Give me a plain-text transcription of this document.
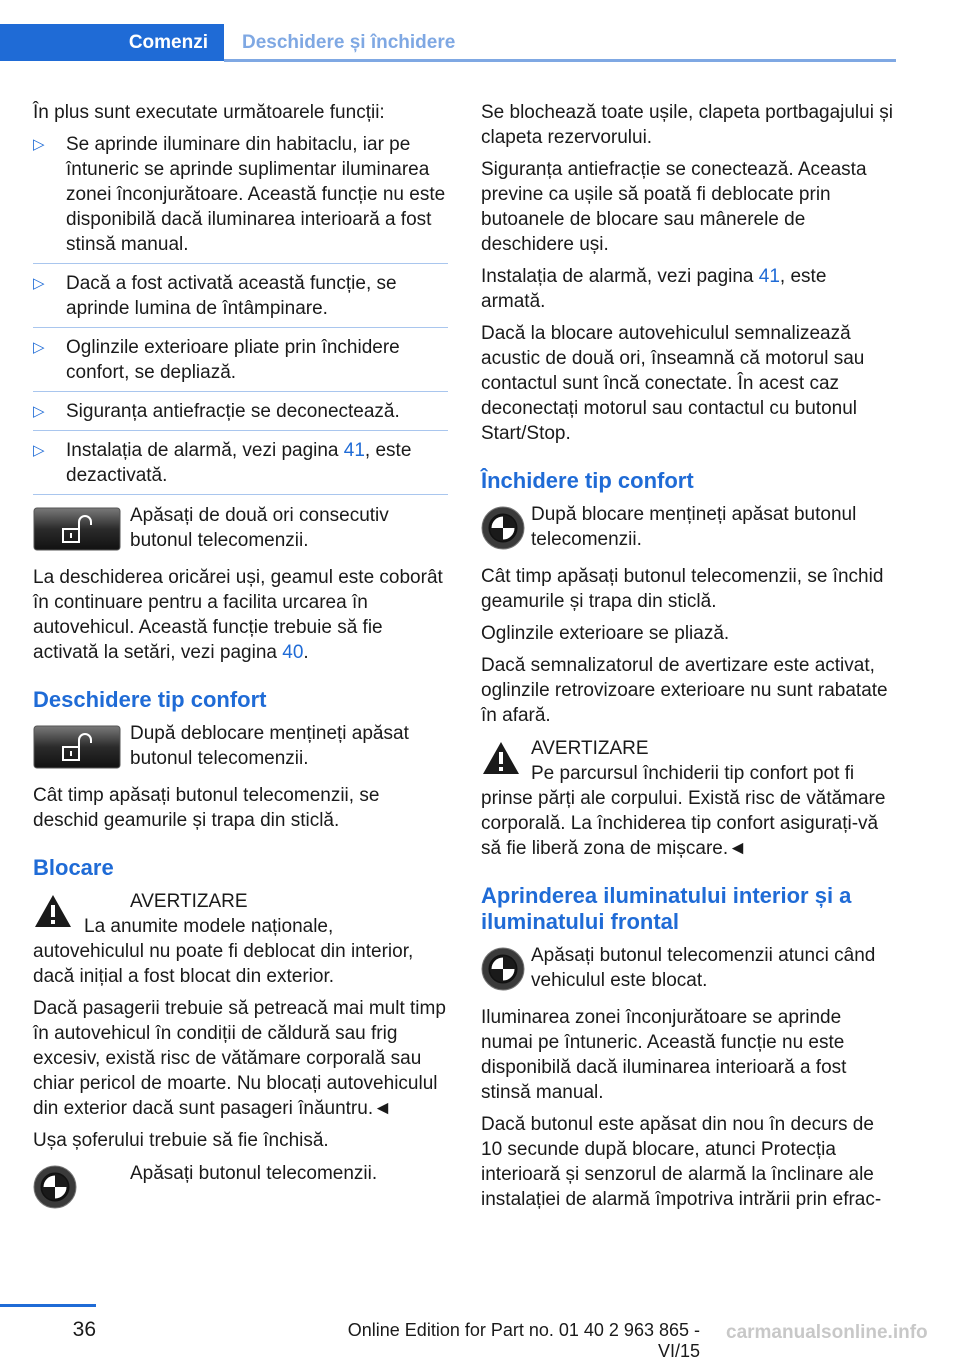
Comenzi	Deschidere și închidere

În plus sunt executate următoarele funcții:

▷ Se aprinde iluminare din habitaclu, iar pe întuneric se aprinde suplimentar iluminarea zonei înconjurătoare. Această funcție nu este disponibilă dacă iluminarea interioară a fost stinsă manual.
▷ Dacă a fost activată această funcție, se aprinde lumina de întâmpinare.
▷ Oglinzile exterioare pliate prin închidere confort, se depliază.
▷ Siguranța antiefracție se deconectează.
▷ Instalația de alarmă, vezi pagina 41, este dezactivată.
Apăsați de două ori consecutiv butonul telecomenzii.

La deschiderea oricărei uși, geamul este coborât în continuare pentru a facilita urcarea în autovehicul. Această funcție trebuie să fie activată la setări, vezi pagina 40.

Deschidere tip confort
După deblocare mențineți apăsat butonul telecomenzii.

Cât timp apăsați butonul telecomenzii, se deschid geamurile și trapa din sticlă.

Blocare
AVERTIZARE
La anumite modele naționale, autovehiculul nu poate fi deblocat din interior, dacă inițial a fost blocat din exterior.

Dacă pasagerii trebuie să petreacă mai mult timp în autovehicul în condiții de căldură sau frig excesiv, există risc de vătămare corporală sau chiar pericol de moarte. Nu blocați autovehiculul din exterior dacă sunt pasageri înăuntru.◄

Ușa șoferului trebuie să fie închisă.

Apăsați butonul telecomenzii.

Se blochează toate ușile, clapeta portbagajului și clapeta rezervorului.

Siguranța antiefracție se conectează. Aceasta previne ca ușile să poată fi deblocate prin butoanele de blocare sau mânerele de deschidere uși.

Instalația de alarmă, vezi pagina 41, este armată.

Dacă la blocare autovehiculul semnalizează acustic de două ori, înseamnă că motorul sau contactul sunt încă conectate. În acest caz deconectați motorul sau contactul cu butonul Start/Stop.

Închidere tip confort
După blocare mențineți apăsat butonul telecomenzii.

Cât timp apăsați butonul telecomenzii, se închid geamurile și trapa din sticlă.

Oglinzile exterioare se pliază.

Dacă semnalizatorul de avertizare este activat, oglinzile retrovizoare exterioare nu sunt rabatate în afară.

AVERTIZARE

Pe parcursul închiderii tip confort pot fi prinse părți ale corpului. Există risc de vătămare corporală. La închiderea tip confort asigurați-vă să fie liberă zona de mișcare.◄

Aprinderea iluminatului interior și a iluminatului frontal
Apăsați butonul telecomenzii atunci când vehiculul este blocat.

Iluminarea zonei înconjurătoare se aprinde numai pe întuneric. Această funcție nu este disponibilă dacă iluminarea interioară a fost stinsă manual.

Dacă butonul este apăsat din nou în decurs de 10 secunde după blocare, atunci Protecția interioară și senzorul de alarmă la înclinare ale instalației de alarmă împotriva intrării prin efrac-

36	Online Edition for Part no. 01 40 2 963 865 - VI/15
carmanualsonline.info
